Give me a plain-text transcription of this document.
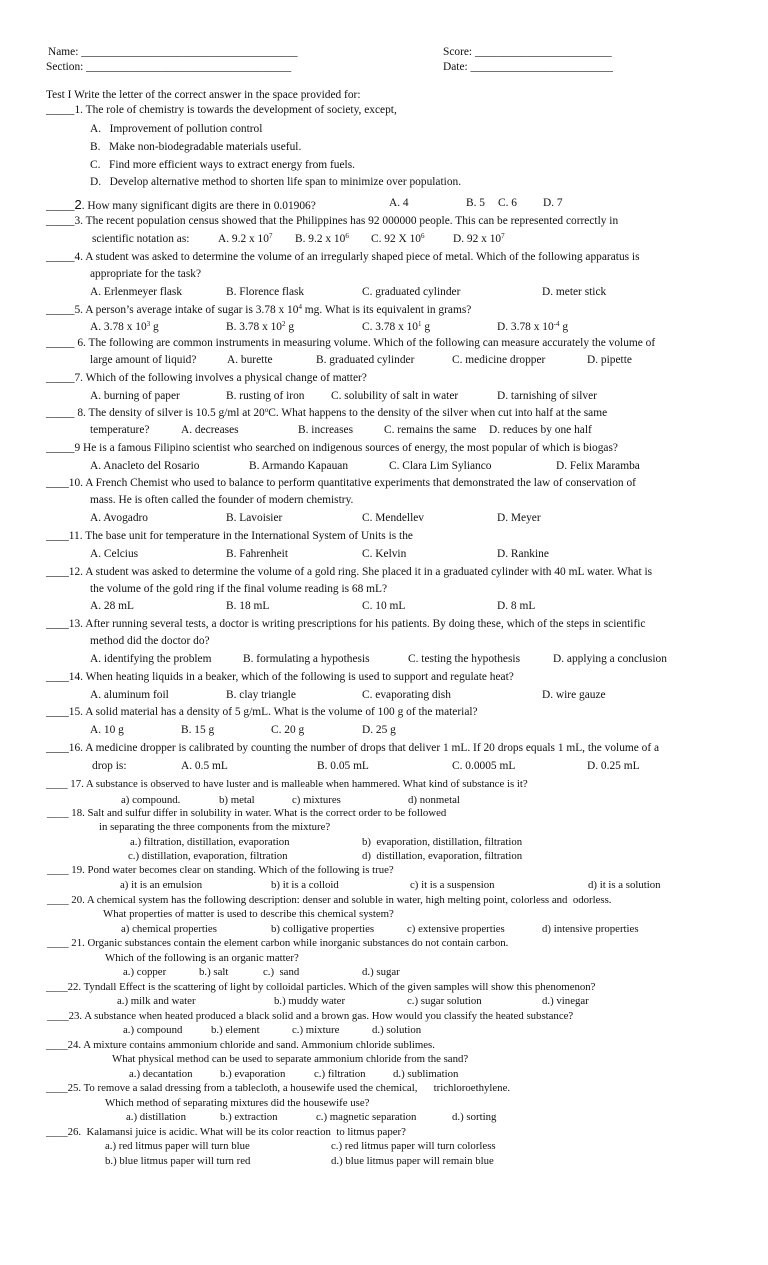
Name: ______________________________________	Score: ________________________
Section: ____________________________________	Date: _________________________
Test I Write the letter of the correct answer in the space provided for:
_____1. The role of chemistry is towards the development of society, except,
A.   Improvement of pollution control
B.   Make non-biodegradable materials useful.
C.   Find more efficient ways to extract energy from fuels.
D.   Develop alternative method to shorten life span to minimize over population.
_____2. How many significant digits are there in 0.01906?	A. 4	B. 5 C. 6 D. 7
_____3. The recent population census showed that the Philippines has 92 000000 people. This can be represented correctly in
scientific notation as:	A. 9.2 x $10^7$ B. 9.2 x $10^6$ C. 92 X $10^6$	D. 92 x $10^7$
_____4. A student was asked to determine the volume of an irregularly shaped piece of metal. Which of the following apparatus is
appropriate for the task?
A. Erlenmeyer flask	B. Florence flask	C. graduated cylinder	D. meter stick
_____5. A person’s average intake of sugar is 3.78 x $10^4$ mg. What is its equivalent in grams?
A. 3.78 x $10^3$ g	B. 3.78 x $10^2$ g	C. 3.78 x $10^1$ g	D. 3.78 x $10^{-4}$ g
_____ 6. The following are common instruments in measuring volume. Which of the following can measure accurately the volume of
large amount of liquid?	A. burette	B. graduated cylinder	C. medicine dropper	D. pipette
_____7. Which of the following involves a physical change of matter?
A. burning of paper	B. rusting of iron C. solubility of salt in water	D. tarnishing of silver
_____ 8. The density of silver is 10.5 g/ml at 20$^o$C. What happens to the density of the silver when cut into half at the same
temperature?	A. decreases	B. increases	C. remains the same D. reduces by one half
_____9 He is a famous Filipino scientist who searched on indigenous sources of energy, the most popular of which is biogas?
A. Anacleto del Rosario	B. Armando Kapauan	C. Clara Lim Sylianco	D. Felix Maramba
____10. A French Chemist who used to balance to perform quantitative experiments that demonstrated the law of conservation of
mass. He is often called the founder of modern chemistry.
A. Avogadro	B. Lavoisier	C. Mendellev	D. Meyer
____11. The base unit for temperature in the International System of Units is the
A. Celcius	B. Fahrenheit	C. Kelvin	D. Rankine
____12. A student was asked to determine the volume of a gold ring. She placed it in a graduated cylinder with 40 mL water. What is
the volume of the gold ring if the final volume reading is 68 mL?
A. 28 mL	B. 18 mL	C. 10 mL	D. 8 mL
____13. After running several tests, a doctor is writing prescriptions for his patients. By doing these, which of the steps in scientific
method did the doctor do?
A. identifying the problem	B. formulating a hypothesis	C. testing the hypothesis	D. applying a conclusion
____14. When heating liquids in a beaker, which of the following is used to support and regulate heat?
A. aluminum foil	B. clay triangle	C. evaporating dish	D. wire gauze
____15. A solid material has a density of 5 g/mL. What is the volume of 100 g of the material?
A. 10 g	B. 15 g	C. 20 g	D. 25 g
____16. A medicine dropper is calibrated by counting the number of drops that deliver 1 mL. If 20 drops equals 1 mL, the volume of a
drop is:	A. 0.5 mL	B. 0.05 mL	C. 0.0005 mL	D. 0.25 mL
____ 17. A substance is observed to have luster and is malleable when hammered. What kind of substance is it?
a) compound.	b) metal	c) mixtures	d) nonmetal
____ 18. Salt and sulfur differ in solubility in water. What is the correct order to be followed
in separating the three components from the mixture?
a.) filtration, distillation, evaporation	b)  evaporation, distillation, filtration
c.) distillation, evaporation, filtration	d)  distillation, evaporation, filtration
____ 19. Pond water becomes clear on standing. Which of the following is true?
a) it is an emulsion	b) it is a colloid	c) it is a suspension	d) it is a solution
____ 20. A chemical system has the following description: denser and soluble in water, high melting point, colorless and  odorless.
What properties of matter is used to describe this chemical system?
a) chemical properties	b) colligative properties	c) extensive properties	d) intensive properties
____ 21. Organic substances contain the element carbon while inorganic substances do not contain carbon.
Which of the following is an organic matter?
a.) copper	b.) salt	c.)  sand	d.) sugar
____22. Tyndall Effect is the scattering of light by colloidal particles. Which of the given samples will show this phenomenon?
a.) milk and water	b.) muddy water	c.) sugar solution	d.) vinegar
____23. A substance when heated produced a black solid and a brown gas. How would you classify the heated substance?
a.) compound	b.) element	c.) mixture	d.) solution
____24. A mixture contains ammonium chloride and sand. Ammonium chloride sublimes.
What physical method can be used to separate ammonium chloride from the sand?
a.) decantation	b.) evaporation	c.) filtration	d.) sublimation
____25. To remove a salad dressing from a tablecloth, a housewife used the chemical,      trichloroethylene.
Which method of separating mixtures did the housewife use?
a.) distillation	b.) extraction	c.) magnetic separation	d.) sorting
____26.  Kalamansi juice is acidic. What will be its color reaction  to litmus paper?
a.) red litmus paper will turn blue	c.) red litmus paper will turn colorless
b.) blue litmus paper will turn red	d.) blue litmus paper will remain blue
